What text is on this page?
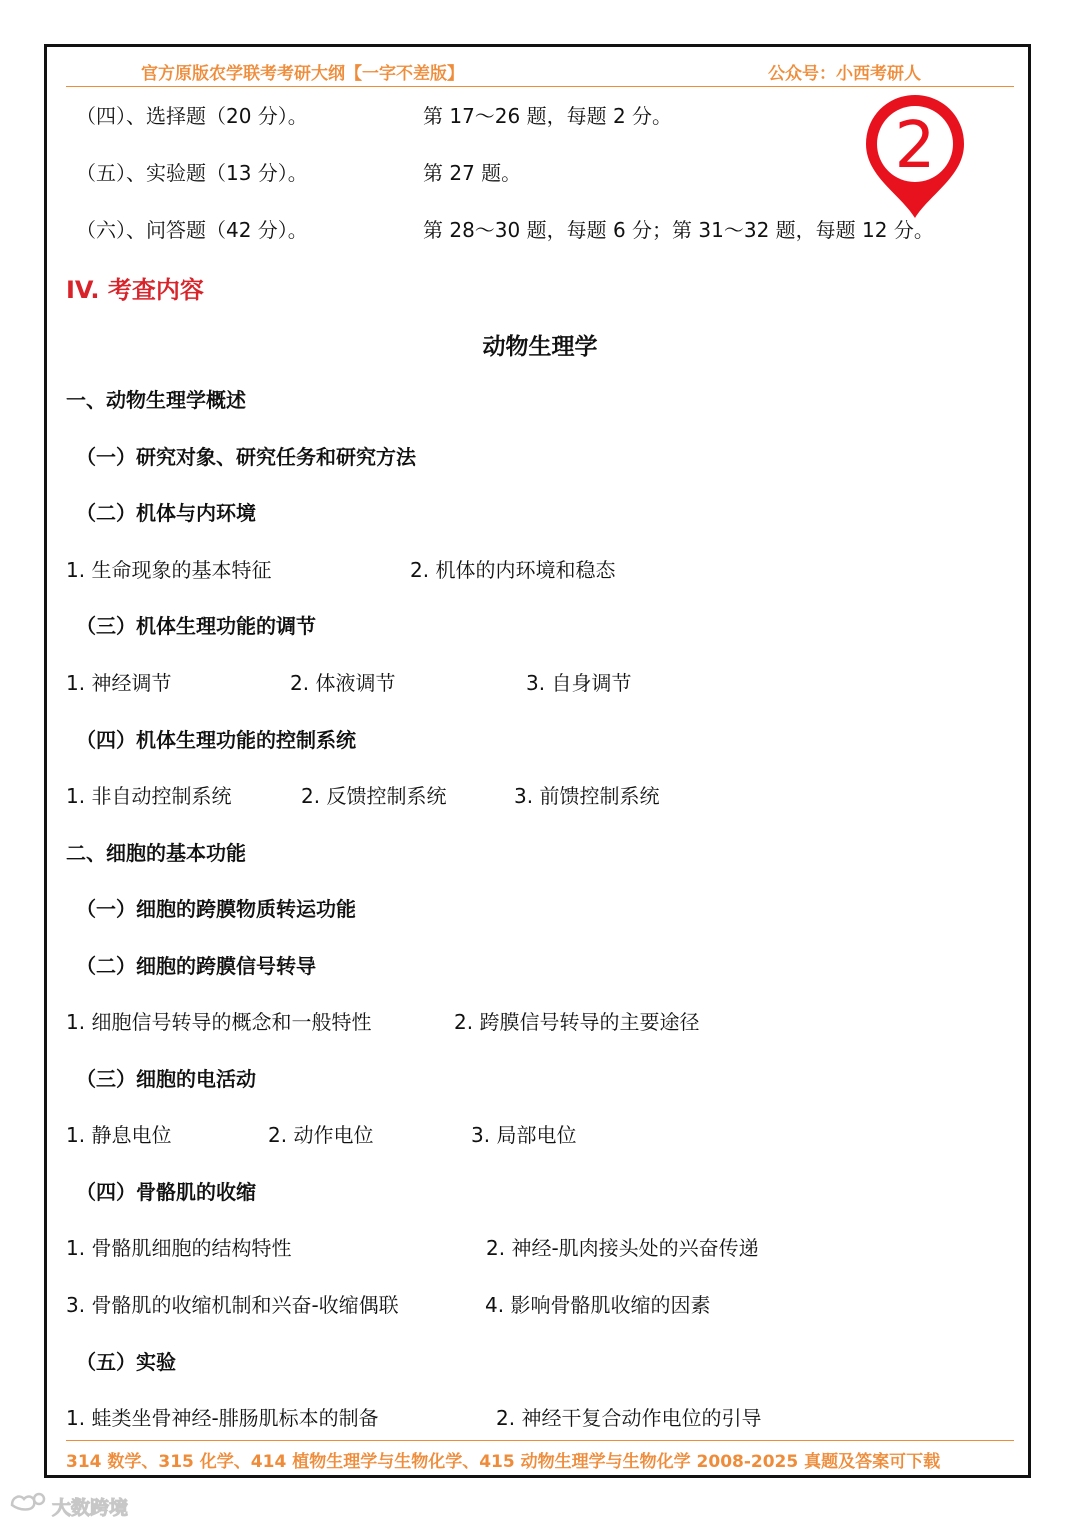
官方原版农学联考考研大纲【一字不差版】	公众号：小西考研人
（四）、选择题（20 分）。	第 17～26 题，每题 2 分。
（五）、实验题（13 分）。	第 27 题。
（六）、问答题（42 分）。	第 28～30 题，每题 6 分；第 31～32 题，每题 12 分。
2
IV. 考查内容
动物生理学
一、动物生理学概述
（一）研究对象、研究任务和研究方法
（二）机体与内环境
1. 生命现象的基本特征	2. 机体的内环境和稳态
（三）机体生理功能的调节
1. 神经调节	2. 体液调节	3. 自身调节
（四）机体生理功能的控制系统
1. 非自动控制系统	2. 反馈控制系统	3. 前馈控制系统
二、细胞的基本功能
（一）细胞的跨膜物质转运功能
（二）细胞的跨膜信号转导
1. 细胞信号转导的概念和一般特性	2. 跨膜信号转导的主要途径
（三）细胞的电活动
1. 静息电位	2. 动作电位	3. 局部电位
（四）骨骼肌的收缩
1. 骨骼肌细胞的结构特性	2. 神经-肌肉接头处的兴奋传递
3. 骨骼肌的收缩机制和兴奋-收缩偶联	4. 影响骨骼肌收缩的因素
（五）实验
1. 蛙类坐骨神经-腓肠肌标本的制备	2. 神经干复合动作电位的引导
314 数学、315 化学、414 植物生理学与生物化学、415 动物生理学与生物化学 2008-2025 真题及答案可下载
大数跨境
